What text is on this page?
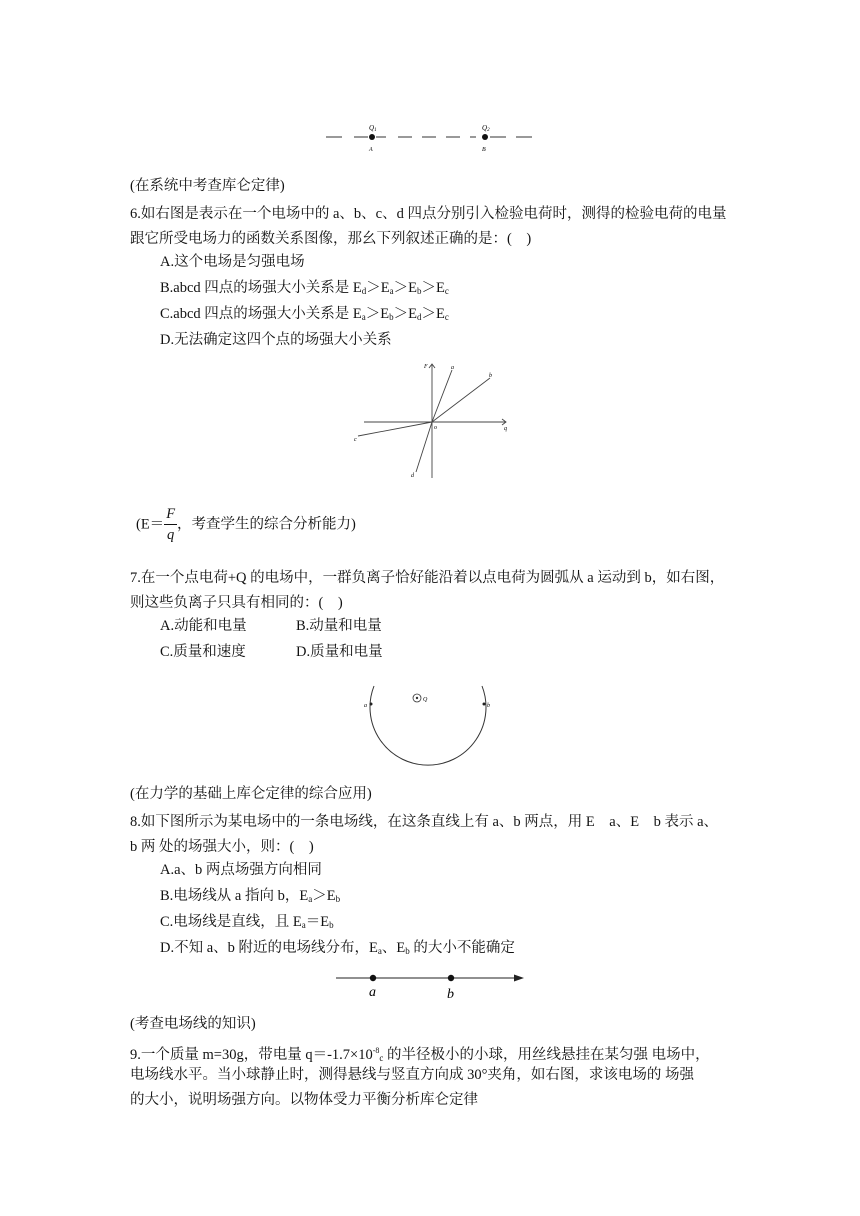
Q1
A
Q2
B
(在系统中考查库仑定律)
6.如右图是表示在一个电场中的 a、b、c、d 四点分别引入检验电荷时，测得的检验电荷的电量 跟它所受电场力的函数关系图像，那幺下列叙述正确的是：(　)
A.这个电场是匀强电场
B.abcd 四点的场强大小关系是 $E_d>E_a>E_b>E_c$
C.abcd 四点的场强大小关系是 $E_a>E_b>E_d>E_c$
D.无法确定这四个点的场强大小关系
F
q
o
a
b
c
d
($E= \frac{F}{q}$ ，考查学生的综合分析能力)
7.在一个点电荷+Q 的电场中，一群负离子恰好能沿着以点电荷为圆弧从 a 运动到 b，如右图，则这些负离子只具有相同的：(　)
A.动能和电量	B.动量和电量
C.质量和速度	D.质量和电量
Q
a	b
(在力学的基础上库仑定律的综合应用)
8.如下图所示为某电场中的一条电场线，在这条直线上有 a、b 两点，用 E　a、E　b 表示 a、
b 两 处的场强大小，则：(　)
A.a、b 两点场强方向相同
B.电场线从 a 指向 b，$E_a>E_b$
C.电场线是直线，且 $E_a=E_b$
D.不知 a、b 附近的电场线分布，$E_a$、$E_b$ 的大小不能确定
a	b
(考查电场线的知识)
9.一个质量 m=30g，带电量 $q=-1.7\times 10^{-8}_c$ 的半径极小的小球，用丝线悬挂在某匀强 电场中，
电场线水平。当小球静止时，测得悬线与竖直方向成 30°夹角，如右图，求该电场的 场强
的大小，说明场强方向。以物体受力平衡分析库仑定律
